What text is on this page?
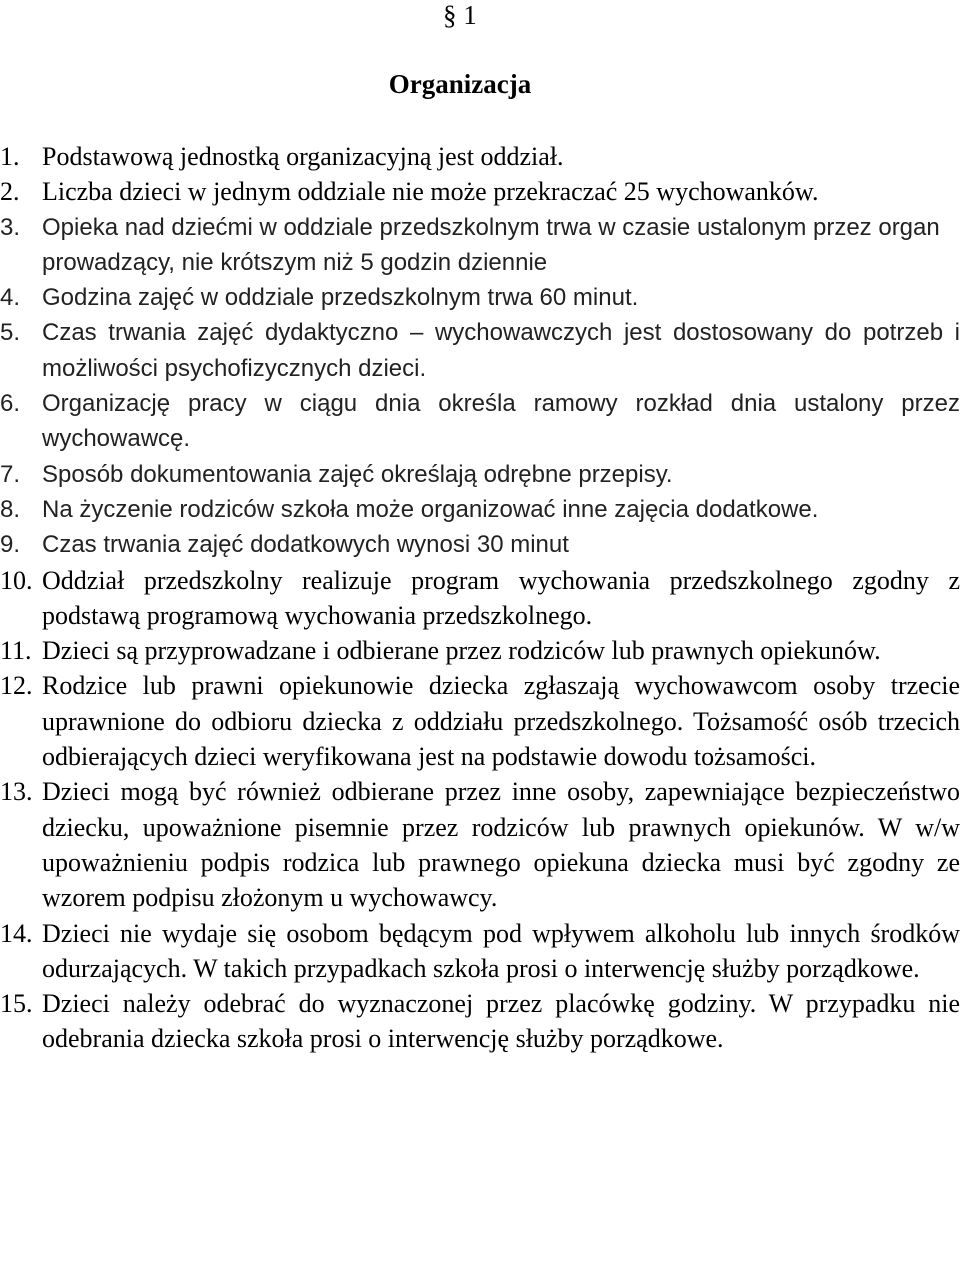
§ 1
Organizacja
1. Podstawową jednostką organizacyjną jest oddział.
2. Liczba dzieci w jednym oddziale nie może przekraczać 25 wychowanków.
3. Opieka nad dziećmi w oddziale przedszkolnym trwa w czasie ustalonym przez organ prowadzący, nie krótszym niż 5 godzin dziennie
4. Godzina zajęć w oddziale przedszkolnym trwa 60 minut.
5. Czas trwania zajęć dydaktyczno – wychowawczych jest dostosowany do potrzeb i możliwości psychofizycznych dzieci.
6. Organizację pracy w ciągu dnia określa ramowy rozkład dnia ustalony przez wychowawcę.
7. Sposób dokumentowania zajęć określają odrębne przepisy.
8. Na życzenie rodziców szkoła może organizować inne zajęcia dodatkowe.
9. Czas trwania zajęć dodatkowych wynosi 30 minut
10. Oddział przedszkolny realizuje program wychowania przedszkolnego zgodny z podstawą programową wychowania przedszkolnego.
11. Dzieci są przyprowadzane i odbierane przez rodziców lub prawnych opiekunów.
12. Rodzice lub prawni opiekunowie dziecka zgłaszają wychowawcom osoby trzecie uprawnione do odbioru dziecka z oddziału przedszkolnego. Tożsamość osób trzecich odbierających dzieci weryfikowana jest na podstawie dowodu tożsamości.
13. Dzieci mogą być również odbierane przez inne osoby, zapewniające bezpieczeństwo dziecku, upoważnione pisemnie przez rodziców lub prawnych opiekunów. W w/w upoważnieniu podpis rodzica lub prawnego opiekuna dziecka musi być zgodny ze wzorem podpisu złożonym u wychowawcy.
14. Dzieci nie wydaje się osobom będącym pod wpływem alkoholu lub innych środków odurzających. W takich przypadkach szkoła prosi o interwencję służby porządkowe.
15. Dzieci należy odebrać do wyznaczonej przez placówkę godziny. W przypadku nie odebrania dziecka szkoła prosi o interwencję służby porządkowe.
